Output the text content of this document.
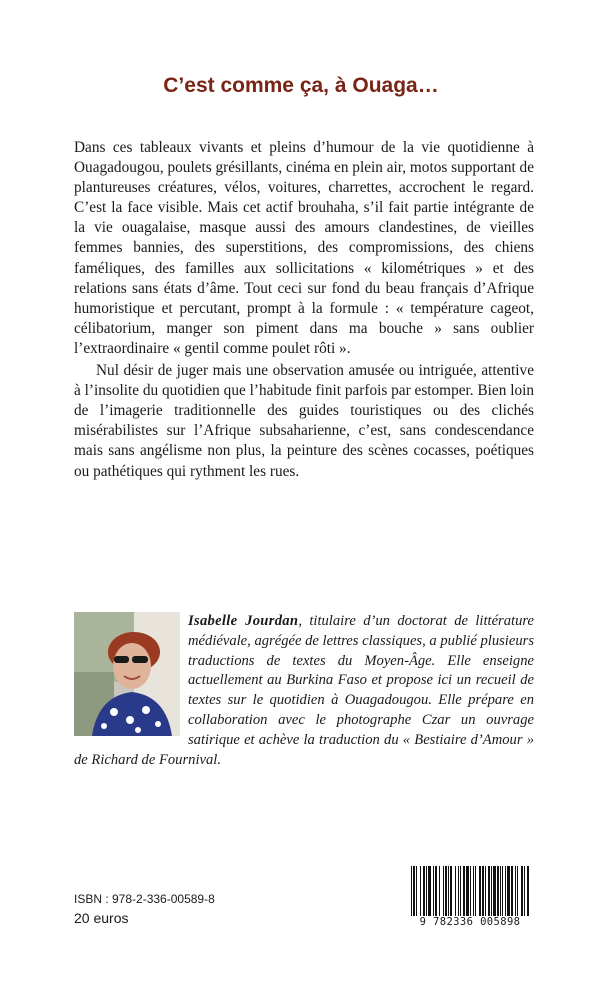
C’est comme ça, à Ouaga…

Dans ces tableaux vivants et pleins d’humour de la vie quotidienne à Ouagadougou, poulets grésillants, cinéma en plein air, motos supportant de plantureuses créatures, vélos, voitures, charrettes, accrochent le regard. C’est la face visible. Mais cet actif brouhaha, s’il fait partie intégrante de la vie ouagalaise, masque aussi des amours clandestines, de vieilles femmes bannies, des superstitions, des compromissions, des chiens faméliques, des familles aux sollicitations « kilométriques » et des relations sans états d’âme. Tout ceci sur fond du beau français d’Afrique humoristique et percutant, prompt à la formule : « température cageot, célibatorium, manger son piment dans ma bouche » sans oublier l’extraordinaire « gentil comme poulet rôti ».

Nul désir de juger mais une observation amusée ou intriguée, attentive à l’insolite du quotidien que l’habitude finit parfois par estomper. Bien loin de l’imagerie traditionnelle des guides touristiques ou des clichés misérabilistes sur l’Afrique subsaharienne, c’est, sans condescendance mais sans angélisme non plus, la peinture des scènes cocasses, poétiques ou pathétiques qui rythment les rues.

Isabelle Jourdan, titulaire d’un doctorat de littérature médiévale, agrégée de lettres classiques, a publié plusieurs traductions de textes du Moyen-Âge. Elle enseigne actuellement au Burkina Faso et propose ici un recueil de textes sur le quotidien à Ouagadougou. Elle prépare en collaboration avec le photographe Czar un ouvrage satirique et achève la traduction du « Bestiaire d’Amour » de Richard de Fournival.
ISBN : 978-2-336-00589-8
20 euros	9 782336 005898
